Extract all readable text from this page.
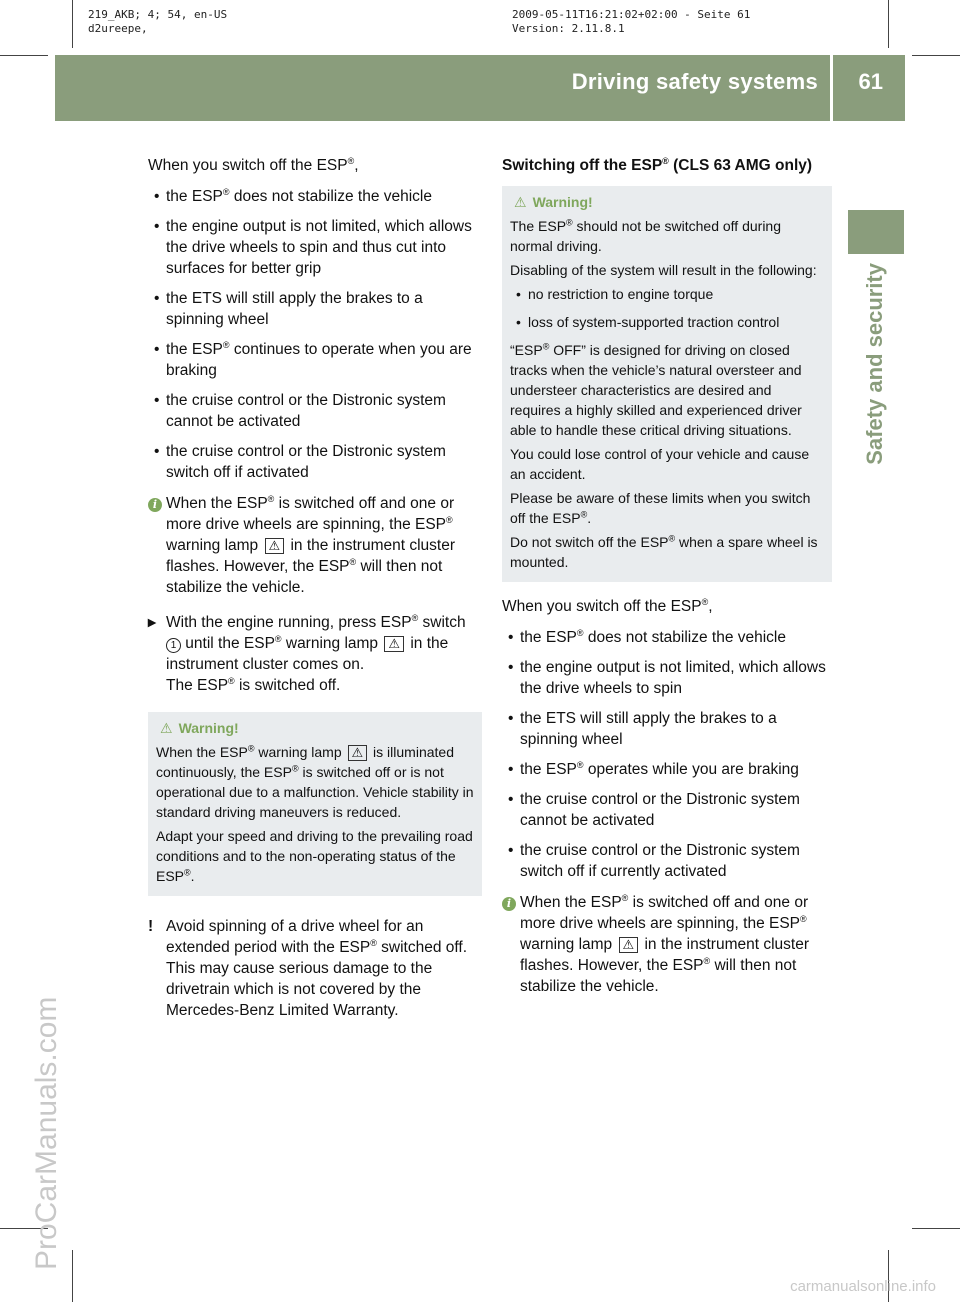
219_AKB; 4; 54, en-US
d2ureepe,
2009-05-11T16:21:02+02:00 - Seite 61
Version: 2.11.8.1
Driving safety systems 61
Safety and security
ProCarManuals.com
carmanualsonline.info

When you switch off the ESP®,

• the ESP® does not stabilize the vehicle
• the engine output is not limited, which allows the drive wheels to spin and thus cut into surfaces for better grip
• the ETS will still apply the brakes to a spinning wheel
• the ESP® continues to operate when you are braking
• the cruise control or the Distronic system cannot be activated
• the cruise control or the Distronic system switch off if activated
i When the ESP® is switched off and one or more drive wheels are spinning, the ESP® warning lamp ⚠ in the instrument cluster flashes. However, the ESP® will then not stabilize the vehicle.
▸ With the engine running, press ESP® switch 1 until the ESP® warning lamp ⚠ in the instrument cluster comes on.
The ESP® is switched off.

⚠ Warning!

When the ESP® warning lamp ⚠ is illuminated continuously, the ESP® is switched off or is not operational due to a malfunction. Vehicle stability in standard driving maneuvers is reduced.

Adapt your speed and driving to the prevailing road conditions and to the non-operating status of the ESP®.

! Avoid spinning of a drive wheel for an extended period with the ESP® switched off. This may cause serious damage to the drivetrain which is not covered by the Mercedes-Benz Limited Warranty.
Switching off the ESP® (CLS 63 AMG only)

⚠ Warning!

The ESP® should not be switched off during normal driving.

Disabling of the system will result in the following:

• no restriction to engine torque
• loss of system-supported traction control

“ESP® OFF” is designed for driving on closed tracks when the vehicle’s natural oversteer and understeer characteristics are desired and requires a highly skilled and experienced driver able to handle these critical driving situations.

You could lose control of your vehicle and cause an accident.

Please be aware of these limits when you switch off the ESP®.

Do not switch off the ESP® when a spare wheel is mounted.

When you switch off the ESP®,

• the ESP® does not stabilize the vehicle
• the engine output is not limited, which allows the drive wheels to spin
• the ETS will still apply the brakes to a spinning wheel
• the ESP® operates while you are braking
• the cruise control or the Distronic system cannot be activated
• the cruise control or the Distronic system switch off if currently activated
i When the ESP® is switched off and one or more drive wheels are spinning, the ESP® warning lamp ⚠ in the instrument cluster flashes. However, the ESP® will then not stabilize the vehicle.
